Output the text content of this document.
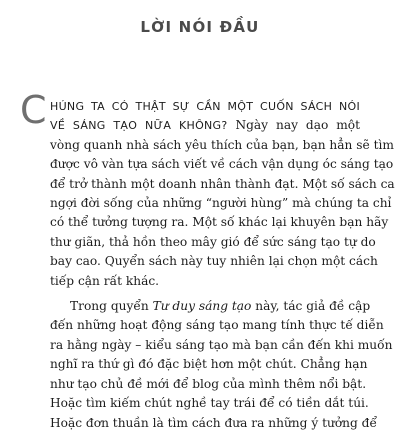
LỜI NÓI ĐẦU
C HÚNG TA CÓ THẬT SỰ CẦN MỘT CUỐN SÁCH NÓI
VỀ SÁNG TẠO NỮA KHÔNG? Ngày nay dạo một
vòng quanh nhà sách yêu thích của bạn, bạn hẳn sẽ tìm
được vô vàn tựa sách viết về cách vận dụng óc sáng tạo
để trở thành một doanh nhân thành đạt. Một số sách ca
ngợi đời sống của những “người hùng” mà chúng ta chỉ
có thể tưởng tượng ra. Một số khác lại khuyên bạn hãy
thư giãn, thả hồn theo mây gió để sức sáng tạo tự do
bay cao. Quyển sách này tuy nhiên lại chọn một cách
tiếp cận rất khác.
Trong quyển Tư duy sáng tạo này, tác giả đề cập
đến những hoạt động sáng tạo mang tính thực tế diễn
ra hằng ngày – kiểu sáng tạo mà bạn cần đến khi muốn
nghĩ ra thứ gì đó đặc biệt hơn một chút. Chẳng hạn
như tạo chủ đề mới để blog của mình thêm nổi bật.
Hoặc tìm kiếm chút nghề tay trái để có tiền dắt túi.
Hoặc đơn thuần là tìm cách đưa ra những ý tưởng để
